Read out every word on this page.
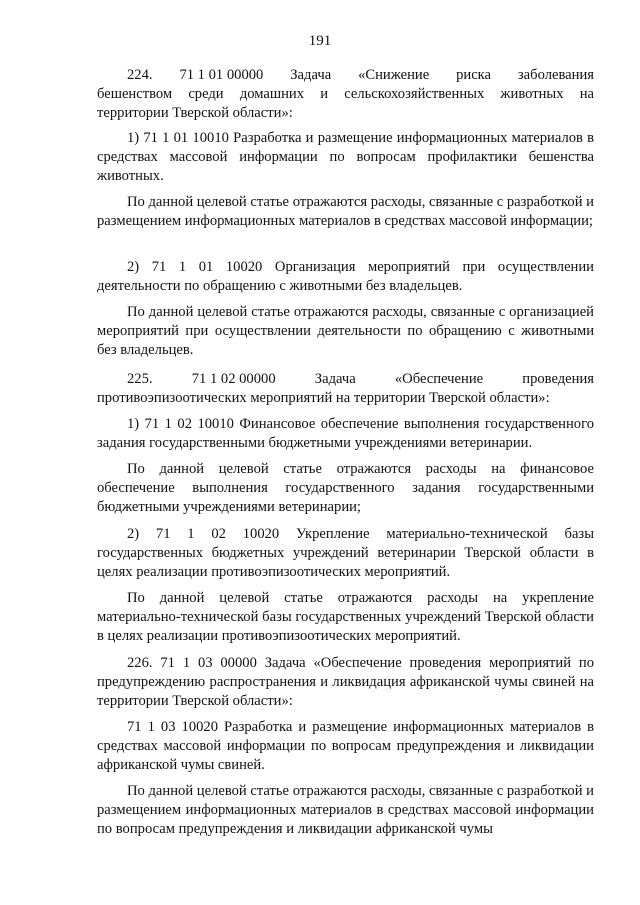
191
224. 71 1 01 00000 Задача «Снижение риска заболевания

бешенством среди домашних и сельскохозяйственных животных на территории Тверской области»:

1) 71 1 01 10010 Разработка и размещение информационных материалов в средствах массовой информации по вопросам профилактики бешенства животных.

По данной целевой статье отражаются расходы, связанные с разработкой и размещением информационных материалов в средствах массовой информации;

2) 71 1 01 10020 Организация мероприятий при осуществлении деятельности по обращению с животными без владельцев.

По данной целевой статье отражаются расходы, связанные с организацией мероприятий при осуществлении деятельности по обращению с животными без владельцев.

225.	71 1 02 00000	Задача	«Обеспечение	проведения

противоэпизоотических мероприятий на территории Тверской области»:

1) 71 1 02 10010 Финансовое обеспечение выполнения государственного задания государственными бюджетными учреждениями ветеринарии.

По данной целевой статье отражаются расходы на финансовое обеспечение выполнения государственного задания государственными бюджетными учреждениями ветеринарии;

2) 71 1 02 10020 Укрепление материально-технической базы государственных бюджетных учреждений ветеринарии Тверской области в целях реализации противоэпизоотических мероприятий.

По данной целевой статье отражаются расходы на укрепление материально-технической базы государственных учреждений Тверской области в целях реализации противоэпизоотических мероприятий.

226. 71 1 03 00000 Задача «Обеспечение проведения мероприятий по предупреждению распространения и ликвидация африканской чумы свиней на территории Тверской области»:

71 1 03 10020 Разработка и размещение информационных материалов в средствах массовой информации по вопросам предупреждения и ликвидации африканской чумы свиней.

По данной целевой статье отражаются расходы, связанные с разработкой и размещением информационных материалов в средствах массовой информации по вопросам предупреждения и ликвидации африканской чумы
